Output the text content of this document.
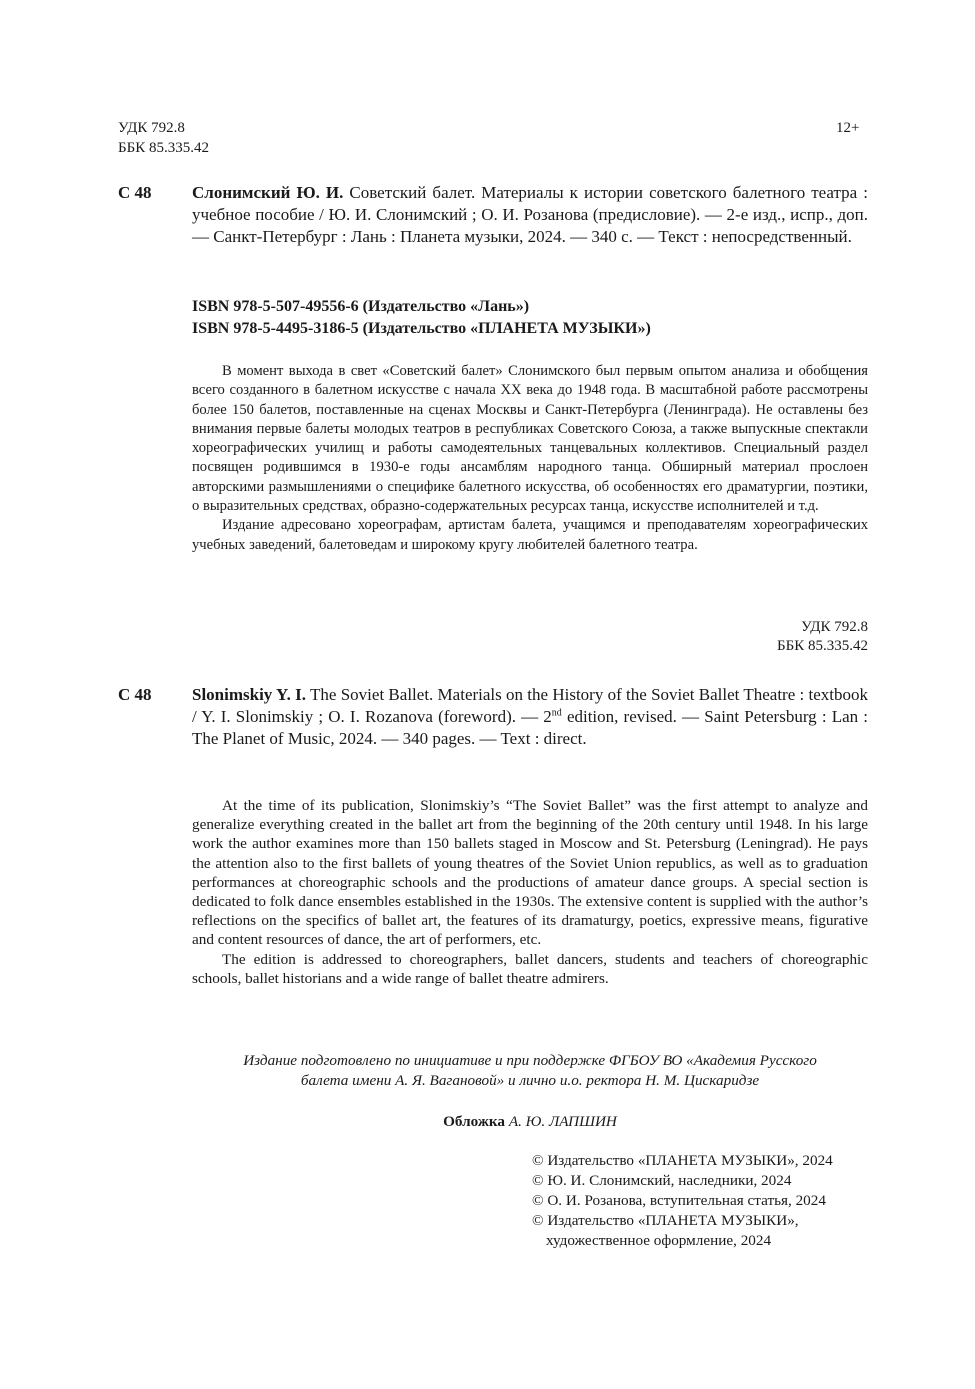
УДК 792.8
ББК 85.335.42
12+
С 48 Слонимский Ю. И. Советский балет. Материалы к истории советского балетного театра : учебное пособие / Ю. И. Слонимский ; О. И. Розанова (предисловие). — 2-е изд., испр., доп. — Санкт-Петербург : Лань : Планета музыки, 2024. — 340 с. — Текст : непосредственный.
ISBN 978-5-507-49556-6 (Издательство «Лань»)
ISBN 978-5-4495-3186-5 (Издательство «ПЛАНЕТА МУЗЫКИ»)

В момент выхода в свет «Советский балет» Слонимского был первым опытом анализа и обобщения всего созданного в балетном искусстве с начала XX века до 1948 года. В масштабной работе рассмотрены более 150 балетов, поставленные на сценах Москвы и Санкт-Петербурга (Ленинграда). Не оставлены без внимания первые балеты молодых театров в республиках Советского Союза, а также выпускные спектакли хореографических училищ и работы самодеятельных танцевальных коллективов. Специальный раздел посвящен родившимся в 1930-е годы ансамблям народного танца. Обширный материал прослоен авторскими размышлениями о специфике балетного искусства, об особенностях его драматургии, поэтики, о выразительных средствах, образно-содержательных ресурсах танца, искусстве исполнителей и т.д.

Издание адресовано хореографам, артистам балета, учащимся и преподавателям хореографических учебных заведений, балетоведам и широкому кругу любителей балетного театра.

УДК 792.8
ББК 85.335.42
С 48 Slonimskiy Y. I. The Soviet Ballet. Materials on the History of the Soviet Ballet Theatre : textbook / Y. I. Slonimskiy ; O. I. Rozanova (foreword). — 2nd edition, revised. — Saint Petersburg : Lan : The Planet of Music, 2024. — 340 pages. — Text : direct.

At the time of its publication, Slonimskiy’s “The Soviet Ballet” was the first attempt to analyze and generalize everything created in the ballet art from the beginning of the 20th century until 1948. In his large work the author examines more than 150 ballets staged in Moscow and St. Petersburg (Leningrad). He pays the attention also to the first ballets of young theatres of the Soviet Union republics, as well as to graduation performances at choreographic schools and the productions of amateur dance groups. A special section is dedicated to folk dance ensembles established in the 1930s. The extensive content is supplied with the author’s reflections on the specifics of ballet art, the features of its dramaturgy, poetics, expressive means, figurative and content resources of dance, the art of performers, etc.

The edition is addressed to choreographers, ballet dancers, students and teachers of choreographic schools, ballet historians and a wide range of ballet theatre admirers.

Издание подготовлено по инициативе и при поддержке ФГБОУ ВО «Академия Русского
балета имени А. Я. Вагановой» и лично и.о. ректора Н. М. Цискаридзе
Обложка А. Ю. ЛАПШИН
© Издательство «ПЛАНЕТА МУЗЫКИ», 2024
© Ю. И. Слонимский, наследники, 2024
© О. И. Розанова, вступительная статья, 2024
© Издательство «ПЛАНЕТА МУЗЫКИ»,
художественное оформление, 2024
